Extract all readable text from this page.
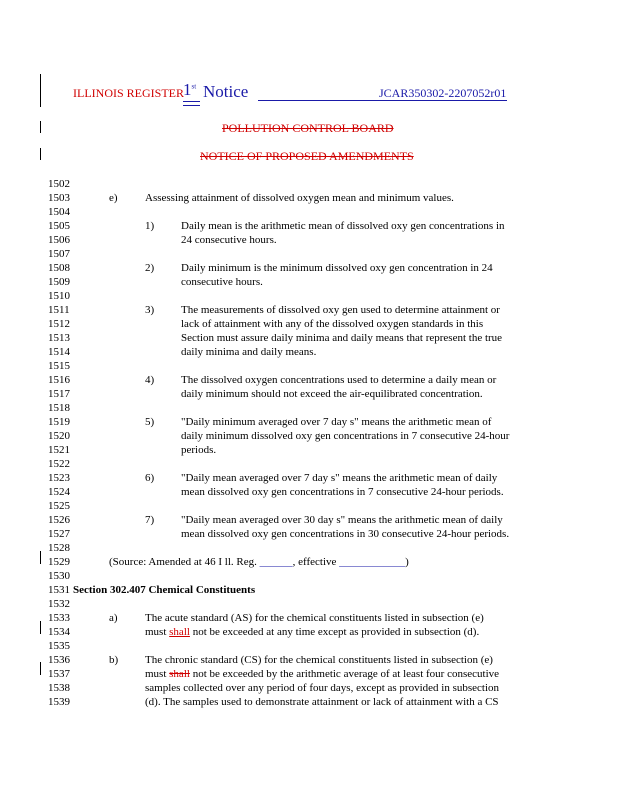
ILLINOIS REGISTER 1st Notice	JCAR350302-2207052r01
POLLUTION CONTROL BOARD
NOTICE OF PROPOSED AMENDMENTS
1502
1503
1504
1505
1506
1507
1508
1509
1510
1511
1512
1513
1514
1515
1516
1517
1518
1519
1520
1521
1522
1523
1524
1525
1526
1527
1528
1529
1530
1531
1532
1533
1534
1535
1536
1537
1538
1539
e) Assessing attainment of dissolved oxygen mean and minimum values.
1) Daily mean is the arithmetic mean of dissolved oxy gen concentrations in
24 consecutive hours.
2) Daily minimum is the minimum dissolved oxy gen concentration in 24
consecutive hours.
3) The measurements of dissolved oxy gen used to determine attainment or
lack of attainment with any of the dissolved oxygen standards in this
Section must assure daily minima and daily means that represent the true
daily minima and daily means.
4) The dissolved oxygen concentrations used to determine a daily mean or
daily minimum should not exceed the air-equilibrated concentration.
5) "Daily minimum averaged over 7 day s" means the arithmetic mean of
daily minimum dissolved oxy gen concentrations in 7 consecutive 24-hour
periods.
6) "Daily mean averaged over 7 day s" means the arithmetic mean of daily
mean dissolved oxy gen concentrations in 7 consecutive 24-hour periods.
7) "Daily mean averaged over 30 day s" means the arithmetic mean of daily
mean dissolved oxy gen concentrations in 30 consecutive 24-hour periods.
(Source: Amended at 46 I ll. Reg. ______, effective ____________)
Section 302.407 Chemical Constituents
a) The acute standard (AS) for the chemical constituents listed in subsection (e)
must shall not be exceeded at any time except as provided in subsection (d).
b) The chronic standard (CS) for the chemical constituents listed in subsection (e)
must shall not be exceeded by the arithmetic average of at least four consecutive
samples collected over any period of four days, except as provided in subsection
(d). The samples used to demonstrate attainment or lack of attainment with a CS
